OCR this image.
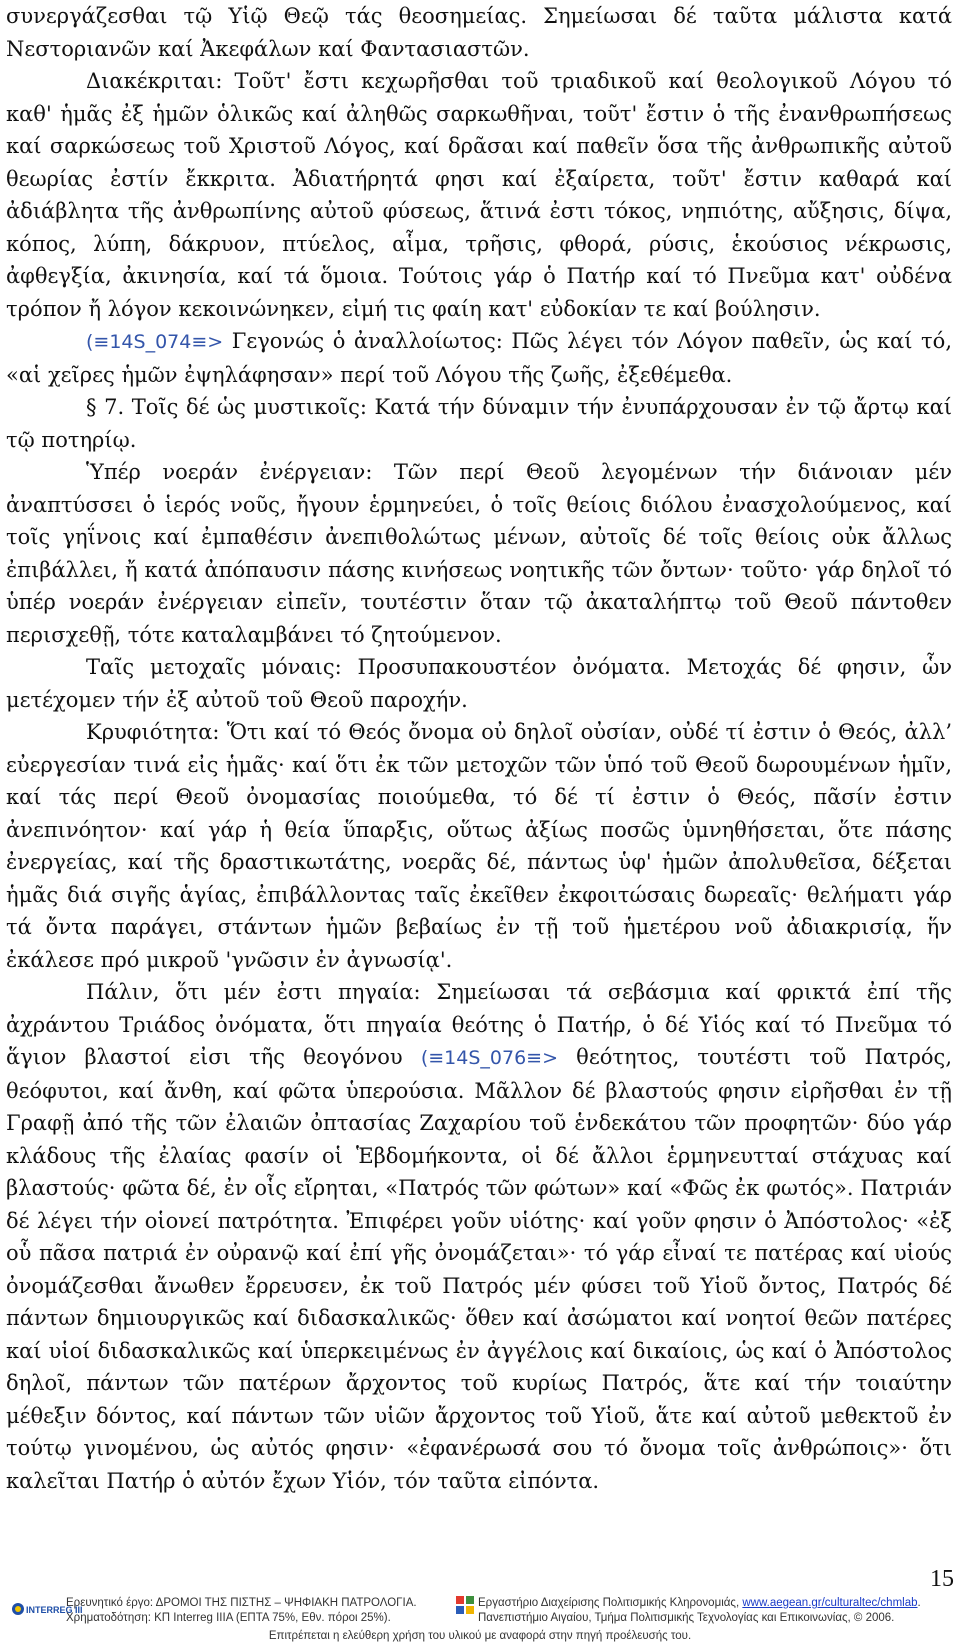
συνεργάζεσθαι τῷ Υἱῷ Θεῷ τάς θεοσημείας. Σημείωσαι δέ ταῦτα μάλιστα κατά Νεστοριανῶν καί Ἀκεφάλων καί Φαντασιαστῶν.

Διακέκριται: Τοῦτ' ἔστι κεχωρῆσθαι τοῦ τριαδικοῦ καί θεολογικοῦ Λόγου τό καθ' ἡμᾶς ἐξ ἡμῶν ὁλικῶς καί ἀληθῶς σαρκωθῆναι, τοῦτ' ἔστιν ὁ τῆς ἐνανθρωπήσεως καί σαρκώσεως τοῦ Χριστοῦ Λόγος, καί δρᾶσαι καί παθεῖν ὅσα τῆς ἀνθρωπικῆς αὐτοῦ θεωρίας ἐστίν ἔκκριτα. Ἀδιατήρητά φησι καί ἐξαίρετα, τοῦτ' ἔστιν καθαρά καί ἀδιάβλητα τῆς ἀνθρωπίνης αὐτοῦ φύσεως, ἅτινά ἐστι τόκος, νηπιότης, αὔξησις, δίψα, κόπος, λύπη, δάκρυον, πτύελος, αἷμα, τρῆσις, φθορά, ρύσις, ἑκούσιος νέκρωσις, ἀφθεγξία, ἀκινησία, καί τά ὅμοια. Τούτοις γάρ ὁ Πατήρ καί τό Πνεῦμα κατ' οὐδένα τρόπον ἤ λόγον κεκοινώνηκεν, εἰμή τις φαίη κατ' εὐδοκίαν τε καί βούλησιν.

(≡14S_074≡> Γεγονώς ὁ ἀναλλοίωτος: Πῶς λέγει τόν Λόγον παθεῖν, ὡς καί τό, «αἱ χεῖρες ἡμῶν ἐψηλάφησαν» περί τοῦ Λόγου τῆς ζωῆς, ἐξεθέμεθα.

§ 7. Τοῖς δέ ὡς μυστικοῖς: Κατά τήν δύναμιν τήν ἐνυπάρχουσαν ἐν τῷ ἄρτῳ καί τῷ ποτηρίῳ.

Ὑπέρ νοεράν ἐνέργειαν: Τῶν περί Θεοῦ λεγομένων τήν διάνοιαν μέν ἀναπτύσσει ὁ ἱερός νοῦς, ἤγουν ἑρμηνεύει, ὁ τοῖς θείοις διόλου ἐνασχολούμενος, καί τοῖς γηΐνοις καί ἐμπαθέσιν ἀνεπιθολώτως μένων, αὐτοῖς δέ τοῖς θείοις οὐκ ἄλλως ἐπιβάλλει, ἤ κατά ἀπόπαυσιν πάσης κινήσεως νοητικῆς τῶν ὄντων· τοῦτο· γάρ δηλοῖ τό ὑπέρ νοεράν ἐνέργειαν εἰπεῖν, τουτέστιν ὅταν τῷ ἀκαταλήπτῳ τοῦ Θεοῦ πάντοθεν περισχεθῇ, τότε καταλαμβάνει τό ζητούμενον.

Ταῖς μετοχαῖς μόναις: Προσυπακουστέον ὀνόματα. Μετοχάς δέ φησιν, ὧν μετέχομεν τήν ἐξ αὐτοῦ τοῦ Θεοῦ παροχήν.

Κρυφιότητα: Ὅτι καί τό Θεός ὄνομα οὐ δηλοῖ οὐσίαν, οὐδέ τί ἐστιν ὁ Θεός, ἀλλ’ εὐεργεσίαν τινά εἰς ἡμᾶς· καί ὅτι ἐκ τῶν μετοχῶν τῶν ὑπό τοῦ Θεοῦ δωρουμένων ἡμῖν, καί τάς περί Θεοῦ ὀνομασίας ποιούμεθα, τό δέ τί ἐστιν ὁ Θεός, πᾶσίν ἐστιν ἀνεπινόητον· καί γάρ ἡ θεία ὕπαρξις, οὕτως ἀξίως ποσῶς ὑμνηθήσεται, ὅτε πάσης ἐνεργείας, καί τῆς δραστικωτάτης, νοερᾶς δέ, πάντως ὑφ' ἡμῶν ἀπολυθεῖσα, δέξεται ἡμᾶς διά σιγῆς ἁγίας, ἐπιβάλλοντας ταῖς ἐκεῖθεν ἐκφοιτώσαις δωρεαῖς· θελήματι γάρ τά ὄντα παράγει, στάντων ἡμῶν βεβαίως ἐν τῇ τοῦ ἡμετέρου νοῦ ἀδιακρισίᾳ, ἥν ἐκάλεσε πρό μικροῦ 'γνῶσιν ἐν ἀγνωσίᾳ'.

Πάλιν, ὅτι μέν ἐστι πηγαία: Σημείωσαι τά σεβάσμια καί φρικτά ἐπί τῆς ἀχράντου Τριάδος ὀνόματα, ὅτι πηγαία θεότης ὁ Πατήρ, ὁ δέ Υἱός καί τό Πνεῦμα τό ἅγιον βλαστοί εἰσι τῆς θεογόνου (≡14S_076≡> θεότητος, τουτέστι τοῦ Πατρός, θεόφυτοι, καί ἄνθη, καί φῶτα ὑπερούσια. Μᾶλλον δέ βλαστούς φησιν εἰρῆσθαι ἐν τῇ Γραφῇ ἀπό τῆς τῶν ἐλαιῶν ὀπτασίας Ζαχαρίου τοῦ ἑνδεκάτου τῶν προφητῶν· δύο γάρ κλάδους τῆς ἐλαίας φασίν οἱ Ἑβδομήκοντα, οἱ δέ ἄλλοι ἑρμηνευτταί στάχυας καί βλαστούς· φῶτα δέ, ἐν οἷς εἴρηται, «Πατρός τῶν φώτων» καί «Φῶς ἐκ φωτός». Πατριάν δέ λέγει τήν οἱονεί πατρότητα. Ἐπιφέρει γοῦν υἱότης· καί γοῦν φησιν ὁ Ἀπόστολος· «ἐξ οὗ πᾶσα πατριά ἐν οὐρανῷ καί ἐπί γῆς ὀνομάζεται»· τό γάρ εἶναί τε πατέρας καί υἱούς ὀνομάζεσθαι ἄνωθεν ἔρρευσεν, ἐκ τοῦ Πατρός μέν φύσει τοῦ Υἱοῦ ὄντος, Πατρός δέ πάντων δημιουργικῶς καί διδασκαλικῶς· ὅθεν καί ἀσώματοι καί νοητοί θεῶν πατέρες καί υἱοί διδασκαλικῶς καί ὑπερκειμένως ἐν ἀγγέλοις καί δικαίοις, ὡς καί ὁ Ἀπόστολος δηλοῖ, πάντων τῶν πατέρων ἄρχοντος τοῦ κυρίως Πατρός, ἅτε καί τήν τοιαύτην μέθεξιν δόντος, καί πάντων τῶν υἱῶν ἄρχοντος τοῦ Υἱοῦ, ἅτε καί αὐτοῦ μεθεκτοῦ ἐν τούτῳ γινομένου, ὡς αὐτός φησιν· «ἐφανέρωσά σου τό ὄνομα τοῖς ἀνθρώποις»· ὅτι καλεῖται Πατήρ ὁ αὐτόν ἔχων Υἱόν, τόν ταῦτα εἰπόντα.

15
INTERREG III
Ερευνητικό έργο: ΔΡΟΜΟΙ ΤΗΣ ΠΙΣΤΗΣ – ΨΗΦΙΑΚΗ ΠΑΤΡΟΛΟΓΙΑ.
Χρηματοδότηση: ΚΠ Interreg IIIA (ΕΠΤΑ 75%, Εθν. πόροι 25%).
Εργαστήριο Διαχείρισης Πολιτισμικής Κληρονομιάς, www.aegean.gr/culturaltec/chmlab.
Πανεπιστήμιο Αιγαίου, Τμήμα Πολιτισμικής Τεχνολογίας και Επικοινωνίας, © 2006.
Επιτρέπεται η ελεύθερη χρήση του υλικού με αναφορά στην πηγή προέλευσής του.
